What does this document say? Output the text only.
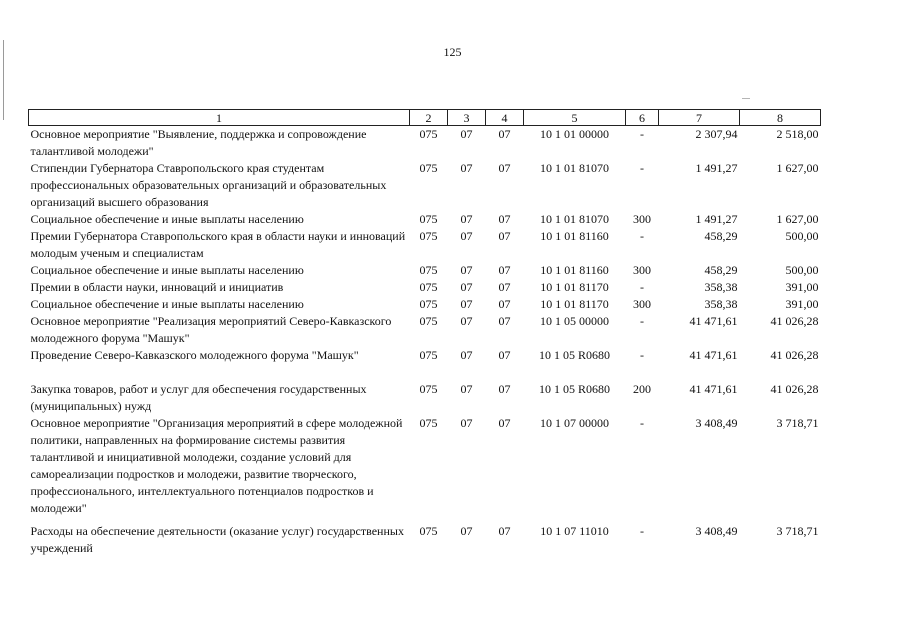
125
1	2	3	4	5	6	7	8
Основное мероприятие "Выявление, поддержка и сопровождение талантливой молодежи"	075	07	07	10 1 01 00000	-	2 307,94	2 518,00
Стипендии Губернатора Ставропольского края студентам профессиональных образовательных организаций и образовательных организаций высшего образования	075	07	07	10 1 01 81070	-	1 491,27	1 627,00
Социальное обеспечение и иные выплаты населению	075	07	07	10 1 01 81070	300	1 491,27	1 627,00
Премии Губернатора Ставропольского края в области науки и инноваций молодым ученым и специалистам	075	07	07	10 1 01 81160	-	458,29	500,00
Социальное обеспечение и иные выплаты населению	075	07	07	10 1 01 81160	300	458,29	500,00
Премии в области науки, инноваций и инициатив	075	07	07	10 1 01 81170	-	358,38	391,00
Социальное обеспечение и иные выплаты населению	075	07	07	10 1 01 81170	300	358,38	391,00
Основное мероприятие "Реализация мероприятий Северо-Кавказского молодежного форума "Машук"	075	07	07	10 1 05 00000	-	41 471,61	41 026,28
Проведение Северо-Кавказского молодежного форума "Машук"	075	07	07	10 1 05 R0680	-	41 471,61	41 026,28
Закупка товаров, работ и услуг для обеспечения государственных (муниципальных) нужд	075	07	07	10 1 05 R0680	200	41 471,61	41 026,28
Основное мероприятие "Организация мероприятий в сфере молодежной политики, направленных на формирование системы развития талантливой и инициативной молодежи, создание условий для самореализации подростков и молодежи, развитие творческого, профессионального, интеллектуального потенциалов подростков и молодежи"	075	07	07	10 1 07 00000	-	3 408,49	3 718,71
Расходы на обеспечение деятельности (оказание услуг) государственных учреждений	075	07	07	10 1 07 11010	-	3 408,49	3 718,71
